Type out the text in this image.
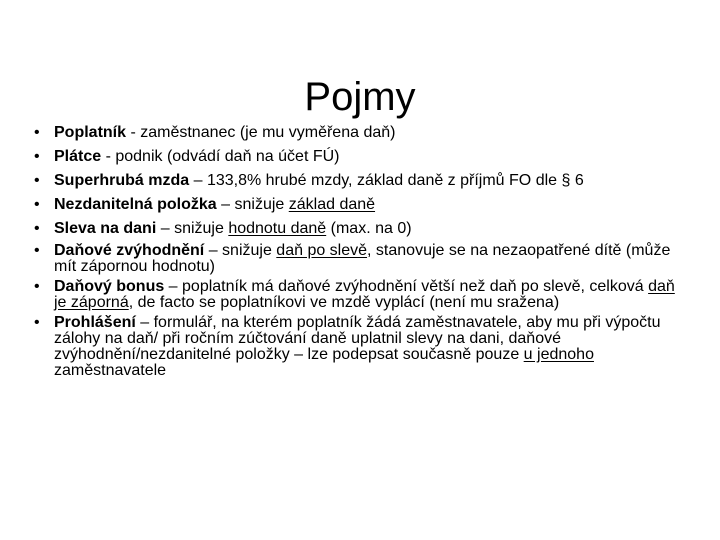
Pojmy
• Poplatník - zaměstnanec (je mu vyměřena daň)
• Plátce - podnik (odvádí daň na účet FÚ)
• Superhrubá mzda – 133,8% hrubé mzdy, základ daně z příjmů FO dle § 6
• Nezdanitelná položka – snižuje základ daně
• Sleva na dani – snižuje hodnotu daně (max. na 0)
• Daňové zvýhodnění – snižuje daň po slevě, stanovuje se na nezaopatřené dítě (může mít zápornou hodnotu)
• Daňový bonus – poplatník má daňové zvýhodnění větší než daň po slevě, celková daň je záporná, de facto se poplatníkovi ve mzdě vyplácí (není mu sražena)
• Prohlášení – formulář, na kterém poplatník žádá zaměstnavatele, aby mu při výpočtu zálohy na daň/ při ročním zúčtování daně uplatnil slevy na dani, daňové zvýhodnění/nezdanitelné položky – lze podepsat současně pouze u jednoho zaměstnavatele
